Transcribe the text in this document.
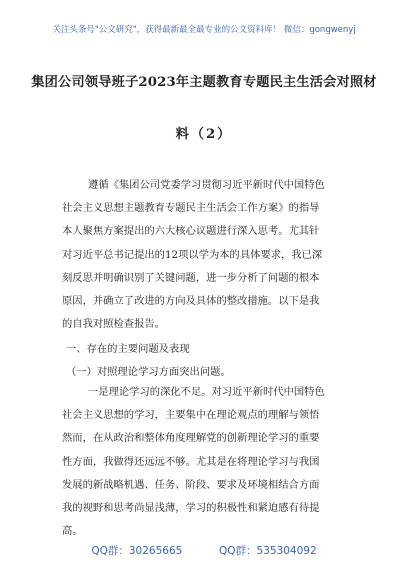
关注头条号"公文研究"，获得最新最全最专业的公文资料库！ 微信：gongwenyj
集团公司领导班子2023年主题教育专题民主生活会对照材
料（2）
遵循《集团公司党委学习贯彻习近平新时代中国特色
社会主义思想主题教育专题民主生活会工作方案》的指导
本人聚焦方案提出的六大核心议题进行深入思考。尤其针
对习近平总书记提出的12项以学为本的具体要求，我已深
刻反思并明确识别了关键问题，进一步分析了问题的根本
原因，并确立了改进的方向及具体的整改措施。以下是我
的自我对照检查报告。
一、存在的主要问题及表现
（一）对照理论学习方面突出问题。
一是理论学习的深化不足。对习近平新时代中国特色
社会主义思想的学习，主要集中在理论观点的理解与领悟
然而，在从政治和整体角度理解党的创新理论学习的重要
性方面，我做得还远远不够。尤其是在将理论学习与我国
发展的新战略机遇、任务、阶段、要求及环境相结合方面
我的视野和思考尚显浅薄，学习的积极性和紧迫感有待提
高。
QQ群：30265665	QQ群：535304092
